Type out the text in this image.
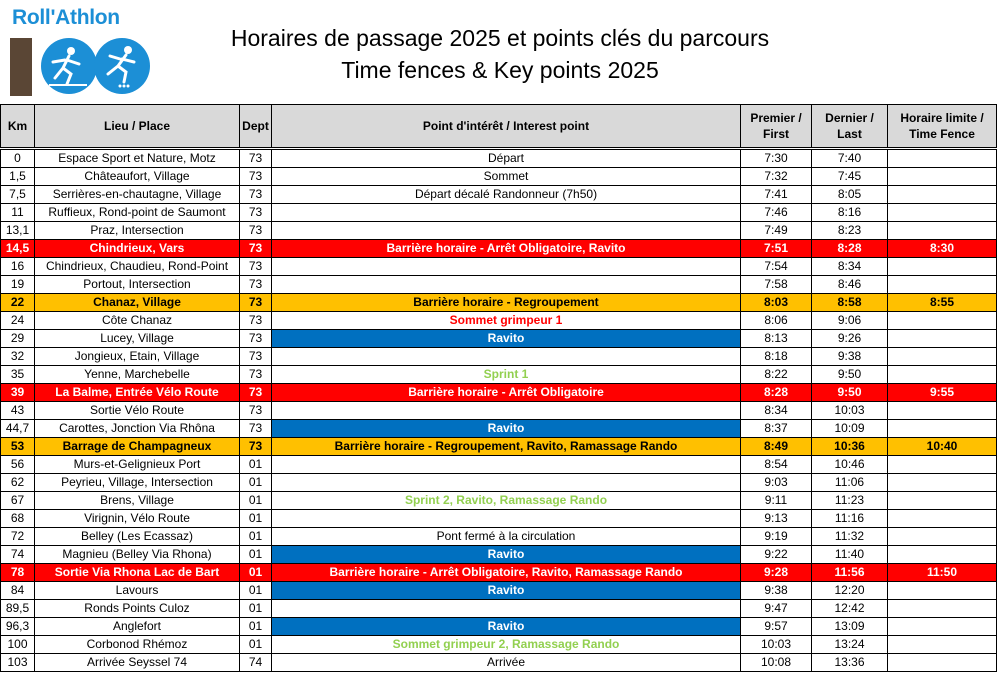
Roll'Athlon
Horaires de passage 2025 et points clés du parcours
Time fences & Key points 2025
Km	Lieu / Place	Dept	Point d'intérêt / Interest point	Premier / First	Dernier / Last	Horaire limite / Time Fence
0	Espace Sport et Nature, Motz	73	Départ	7:30	7:40	
1,5	Châteaufort, Village	73	Sommet	7:32	7:45	
7,5	Serrières-en-chautagne, Village	73	Départ décalé Randonneur (7h50)	7:41	8:05	
11	Ruffieux, Rond-point de Saumont	73		7:46	8:16	
13,1	Praz, Intersection	73		7:49	8:23	
14,5	Chindrieux, Vars	73	Barrière horaire - Arrêt Obligatoire, Ravito	7:51	8:28	8:30
16	Chindrieux, Chaudieu, Rond-Point	73		7:54	8:34	
19	Portout, Intersection	73		7:58	8:46	
22	Chanaz, Village	73	Barrière horaire - Regroupement	8:03	8:58	8:55
24	Côte Chanaz	73	Sommet grimpeur 1	8:06	9:06	
29	Lucey, Village	73	Ravito	8:13	9:26	
32	Jongieux, Etain, Village	73		8:18	9:38	
35	Yenne, Marchebelle	73	Sprint 1	8:22	9:50	
39	La Balme, Entrée Vélo Route	73	Barrière horaire - Arrêt Obligatoire	8:28	9:50	9:55
43	Sortie Vélo Route	73		8:34	10:03	
44,7	Carottes, Jonction Via Rhôna	73	Ravito	8:37	10:09	
53	Barrage de Champagneux	73	Barrière horaire - Regroupement, Ravito, Ramassage Rando	8:49	10:36	10:40
56	Murs-et-Gelignieux Port	01		8:54	10:46	
62	Peyrieu, Village, Intersection	01		9:03	11:06	
67	Brens, Village	01	Sprint 2, Ravito, Ramassage Rando	9:11	11:23	
68	Virignin, Vélo Route	01		9:13	11:16	
72	Belley (Les Ecassaz)	01	Pont fermé à la circulation	9:19	11:32	
74	Magnieu (Belley Via Rhona)	01	Ravito	9:22	11:40	
78	Sortie Via Rhona Lac de Bart	01	Barrière horaire - Arrêt Obligatoire, Ravito, Ramassage Rando	9:28	11:56	11:50
84	Lavours	01	Ravito	9:38	12:20	
89,5	Ronds Points Culoz	01		9:47	12:42	
96,3	Anglefort	01	Ravito	9:57	13:09	
100	Corbonod Rhémoz	01	Sommet grimpeur 2, Ramassage Rando	10:03	13:24	
103	Arrivée Seyssel 74	74	Arrivée	10:08	13:36	
